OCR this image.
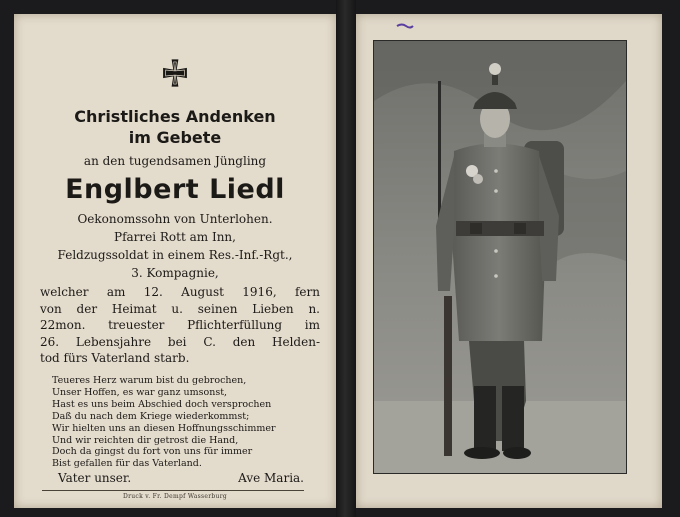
Christliches Andenken
im Gebete
an den tugendsamen Jüngling
Englbert Liedl
Oekonomssohn von Unterlohen.
Pfarrei Rott am Inn,
Feldzugssoldat in einem Res.-Inf.-Rgt.,
3. Kompagnie,
welcher am 12. August 1916, fern
von der Heimat u. seinen Lieben n.
22mon. treuester Pflichterfüllung im
26. Lebensjahre bei C. den Helden-
tod fürs Vaterland starb.
Teueres Herz warum bist du gebrochen,
Unser Hoffen, es war ganz umsonst,
Hast es uns beim Abschied doch versprochen
Daß du nach dem Kriege wiederkommst;
Wir hielten uns an diesen Hoffnungsschimmer
Und wir reichten dir getrost die Hand,
Doch da gingst du fort von uns für immer
Bist gefallen für das Vaterland.
Vater unser.	Ave Maria.
Druck v. Fr. Dempf Wasserburg
